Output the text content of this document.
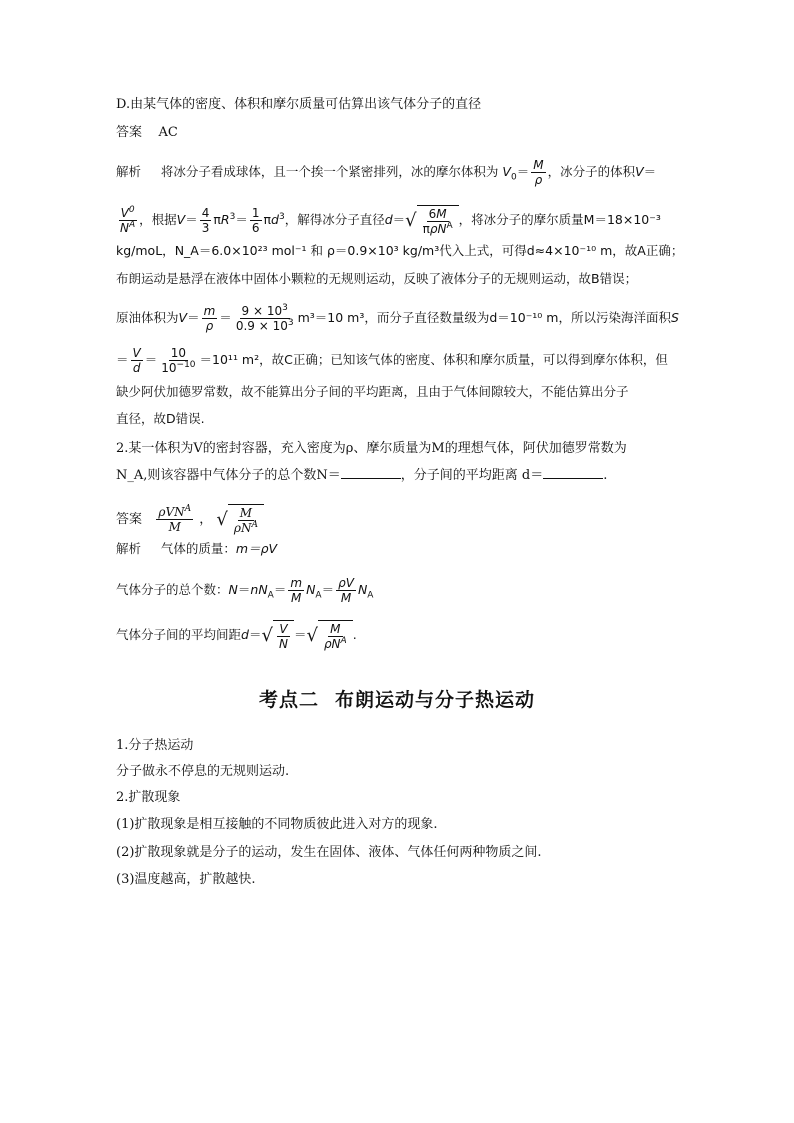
D.由某气体的密度、体积和摩尔质量可估算出该气体分子的直径
答案 AC
解析 将冰分子看成球体，且一个挨一个紧密排列，冰的摩尔体积为 $V_0= \frac{M}{\rho}$ ，冰分子的体积V＝
$\frac{V^0}{N^A}$ ，根据$V= \frac{4}{3} \pi R^3= \frac{1}{6} \pi d^3$，解得冰分子直径d＝ √ $\frac{6M}{\pi\rho N^A}$ ，将冰分子的摩尔质量M＝18×10⁻³
kg/moL，N_A＝6.0×10²³ mol⁻¹ 和 ρ＝0.9×10³ kg/m³代入上式，可得d≈4×10⁻¹⁰ m，故A正确；
布朗运动是悬浮在液体中固体小颗粒的无规则运动，反映了液体分子的无规则运动，故B错误；
原油体积为$V= \frac{m}{\rho} = \frac{9 \times 10^3}{0.9 \times 10^3} m^3=10$ m³，而分子直径数量级为d＝10⁻¹⁰ m，所以污染海洋面积S
＝ $\frac{V}{d} = \frac{10}{10^{-10}} =10^{11}$ m²，故C正确；已知该气体的密度、体积和摩尔质量，可以得到摩尔体积，但
缺少阿伏加德罗常数，故不能算出分子间的平均距离，且由于气体间隙较大，不能估算出分子
直径，故D错误.
2.某一体积为V的密封容器，充入密度为ρ、摩尔质量为M的理想气体，阿伏加德罗常数为
N_A,则该容器中气体分子的总个数N＝	，分子间的平均距离 d＝	.
答案 $\frac{\rho VN^A}{M}$ ， √ $\frac{M}{\rho N^A}$
解析 气体的质量：m＝ρV
气体分子的总个数：$N=nN_A= \frac{m}{M} N_A= \frac{\rho V}{M} N_A$
气体分子间的平均间距d＝ √ $\frac{V}{N}$ ＝ √ $\frac{M}{\rho N^A}$ .
考点二 布朗运动与分子热运动
1.分子热运动
分子做永不停息的无规则运动.
2.扩散现象
(1)扩散现象是相互接触的不同物质彼此进入对方的现象.
(2)扩散现象就是分子的运动，发生在固体、液体、气体任何两种物质之间.
(3)温度越高，扩散越快.
